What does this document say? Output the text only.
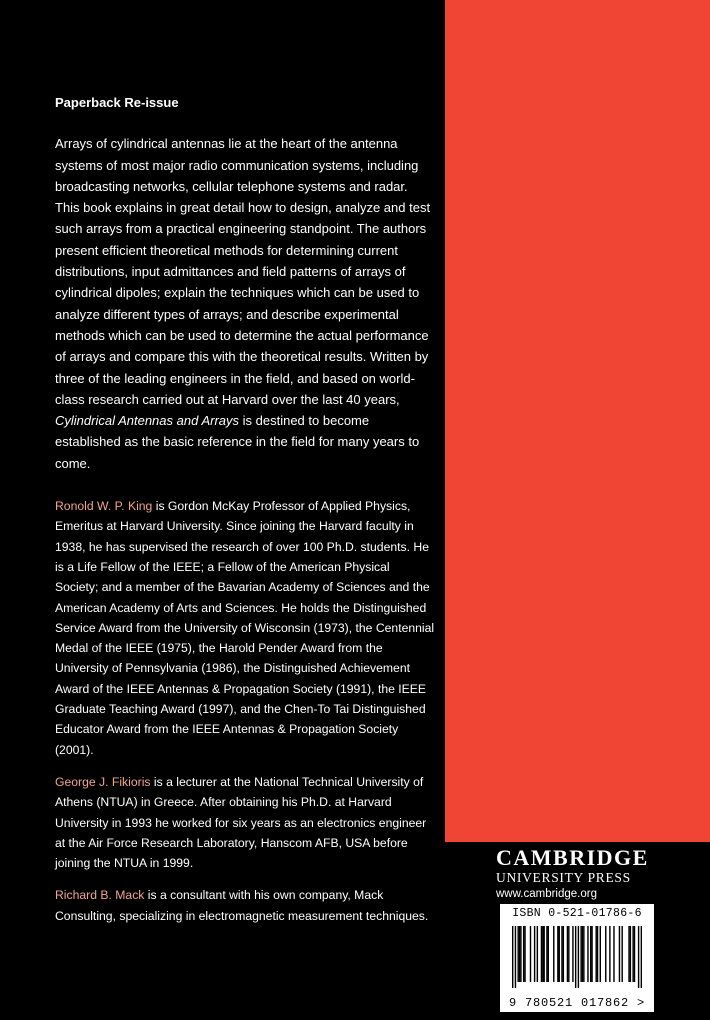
Paperback Re-issue

Arrays of cylindrical antennas lie at the heart of the antenna systems of most major radio communication systems, including broadcasting networks, cellular telephone systems and radar. This book explains in great detail how to design, analyze and test such arrays from a practical engineering standpoint. The authors present efficient theoretical methods for determining current distributions, input admittances and field patterns of arrays of cylindrical dipoles; explain the techniques which can be used to analyze different types of arrays; and describe experimental methods which can be used to determine the actual performance of arrays and compare this with the theoretical results. Written by three of the leading engineers in the field, and based on world-class research carried out at Harvard over the last 40 years, Cylindrical Antennas and Arrays is destined to become established as the basic reference in the field for many years to come.

Ronold W. P. King is Gordon McKay Professor of Applied Physics, Emeritus at Harvard University. Since joining the Harvard faculty in 1938, he has supervised the research of over 100 Ph.D. students. He is a Life Fellow of the IEEE; a Fellow of the American Physical Society; and a member of the Bavarian Academy of Sciences and the American Academy of Arts and Sciences. He holds the Distinguished Service Award from the University of Wisconsin (1973), the Centennial Medal of the IEEE (1975), the Harold Pender Award from the University of Pennsylvania (1986), the Distinguished Achievement Award of the IEEE Antennas & Propagation Society (1991), the IEEE Graduate Teaching Award (1997), and the Chen-To Tai Distinguished Educator Award from the IEEE Antennas & Propagation Society (2001).

George J. Fikioris is a lecturer at the National Technical University of Athens (NTUA) in Greece. After obtaining his Ph.D. at Harvard University in 1993 he worked for six years as an electronics engineer at the Air Force Research Laboratory, Hanscom AFB, USA before joining the NTUA in 1999.

Richard B. Mack is a consultant with his own company, Mack Consulting, specializing in electromagnetic measurement techniques.

CAMBRIDGE
UNIVERSITY PRESS
www.cambridge.org
ISBN 0-521-01786-6
9 780521 017862 >
